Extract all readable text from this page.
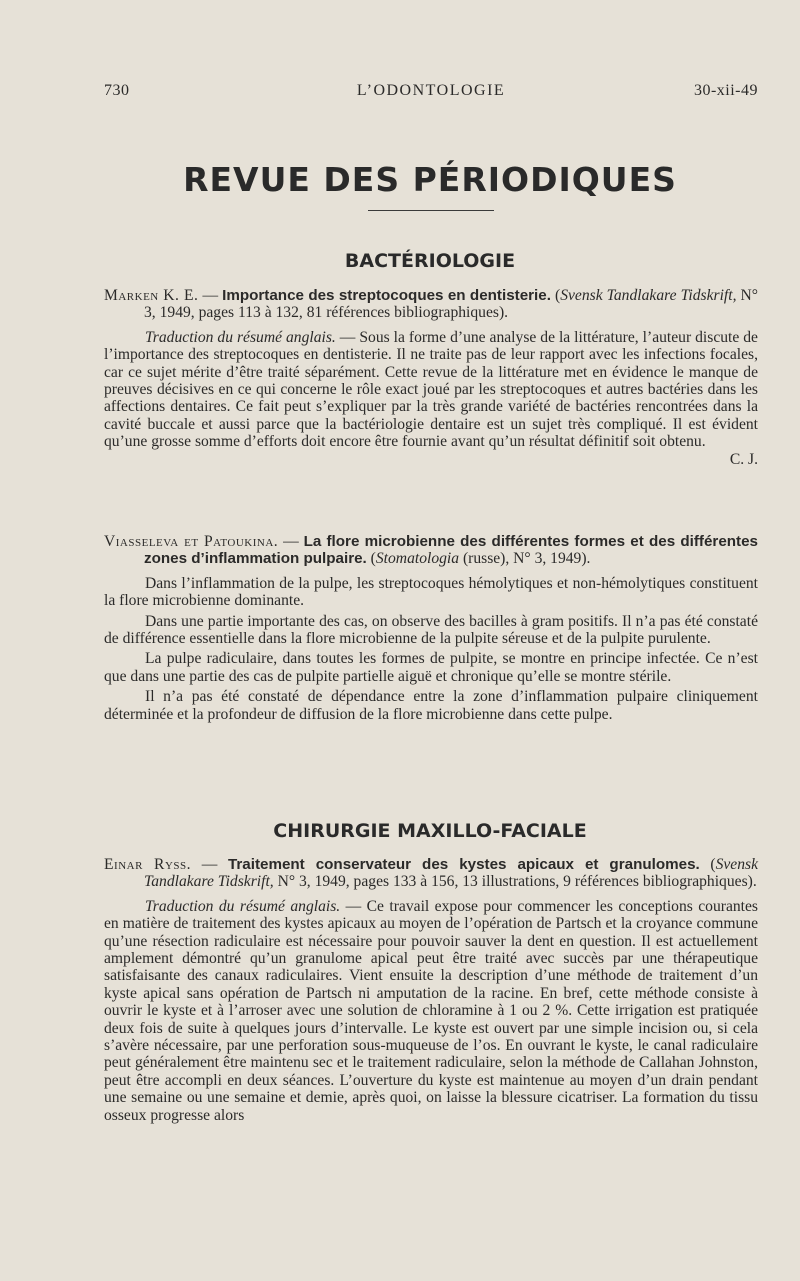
730	L’ODONTOLOGIE	30-xii-49
REVUE DES PÉRIODIQUES
BACTÉRIOLOGIE

Marken K. E. — Importance des streptocoques en dentisterie. (Svensk Tandlakare Tidskrift, N° 3, 1949, pages 113 à 132, 81 références bibliographiques).

Traduction du résumé anglais. — Sous la forme d’une analyse de la littérature, l’auteur discute de l’importance des streptocoques en dentisterie. Il ne traite pas de leur rapport avec les infections focales, car ce sujet mérite d’être traité séparément. Cette revue de la littérature met en évidence le manque de preuves décisives en ce qui concerne le rôle exact joué par les streptocoques et autres bactéries dans les affections dentaires. Ce fait peut s’expliquer par la très grande variété de bactéries rencontrées dans la cavité buccale et aussi parce que la bactériologie dentaire est un sujet très compliqué. Il est évident qu’une grosse somme d’efforts doit encore être fournie avant qu’un résultat définitif soit obtenu.
C. J.

Viasseleva et Patoukina. — La flore microbienne des différentes formes et des différentes zones d’inflammation pulpaire. (Stomatologia (russe), N° 3, 1949).

Dans l’inflammation de la pulpe, les streptocoques hémolytiques et non-hémolytiques constituent la flore microbienne dominante.

Dans une partie importante des cas, on observe des bacilles à gram positifs. Il n’a pas été constaté de différence essentielle dans la flore microbienne de la pulpite séreuse et de la pulpite purulente.

La pulpe radiculaire, dans toutes les formes de pulpite, se montre en principe infectée. Ce n’est que dans une partie des cas de pulpite partielle aiguë et chronique qu’elle se montre stérile.

Il n’a pas été constaté de dépendance entre la zone d’inflammation pulpaire cliniquement déterminée et la profondeur de diffusion de la flore microbienne dans cette pulpe.

CHIRURGIE MAXILLO-FACIALE

Einar Ryss. — Traitement conservateur des kystes apicaux et granulomes. (Svensk Tandlakare Tidskrift, N° 3, 1949, pages 133 à 156, 13 illustrations, 9 références bibliographiques).

Traduction du résumé anglais. — Ce travail expose pour commencer les conceptions courantes en matière de traitement des kystes apicaux au moyen de l’opération de Partsch et la croyance commune qu’une résection radiculaire est nécessaire pour pouvoir sauver la dent en question. Il est actuellement amplement démontré qu’un granulome apical peut être traité avec succès par une thérapeutique satisfaisante des canaux radiculaires. Vient ensuite la description d’une méthode de traitement d’un kyste apical sans opération de Partsch ni amputation de la racine. En bref, cette méthode consiste à ouvrir le kyste et à l’arroser avec une solution de chloramine à 1 ou 2 %. Cette irrigation est pratiquée deux fois de suite à quelques jours d’intervalle. Le kyste est ouvert par une simple incision ou, si cela s’avère nécessaire, par une perforation sous-muqueuse de l’os. En ouvrant le kyste, le canal radiculaire peut généralement être maintenu sec et le traitement radiculaire, selon la méthode de Callahan Johnston, peut être accompli en deux séances. L’ouverture du kyste est maintenue au moyen d’un drain pendant une semaine ou une semaine et demie, après quoi, on laisse la blessure cicatriser. La formation du tissu osseux progresse alors
